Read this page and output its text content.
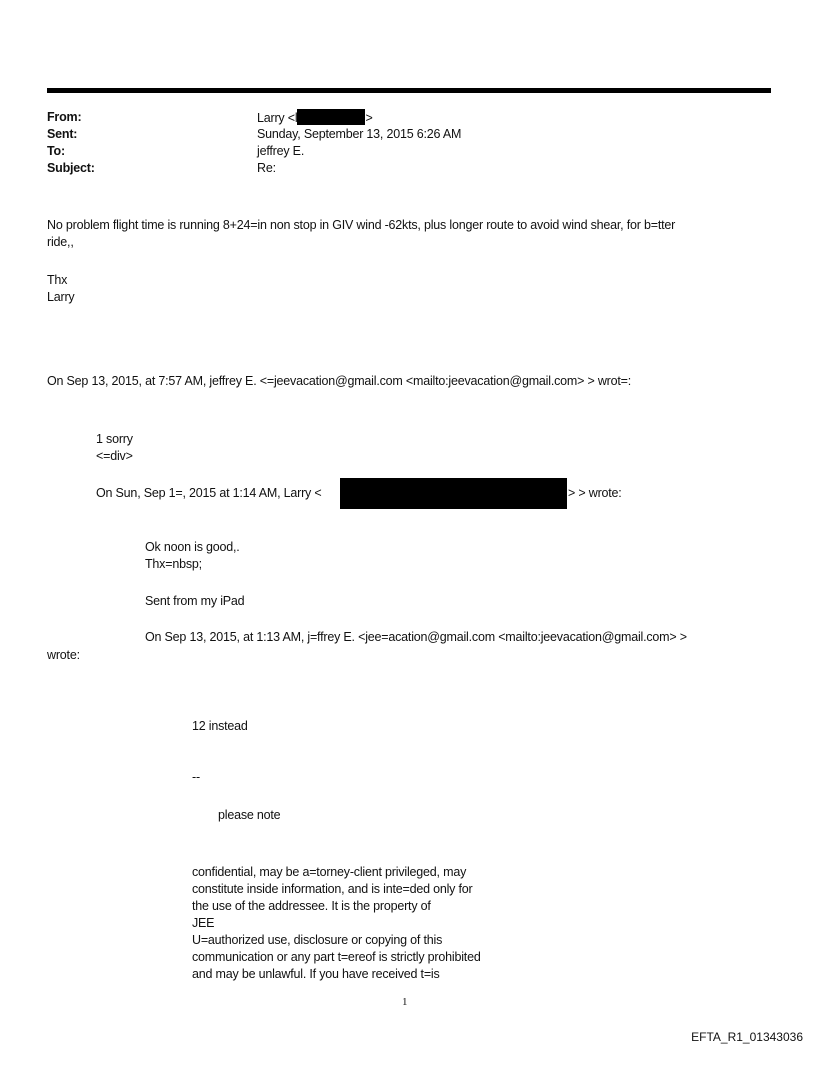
From:	Larry <l	>
Sent:	Sunday, September 13, 2015 6:26 AM
To:	jeffrey E.
Subject:	Re:
No problem flight time is running 8+24=in non stop in GIV wind -62kts, plus longer route to avoid wind shear, for b=tter
ride,,
Thx
Larry
On Sep 13, 2015, at 7:57 AM, jeffrey E. <=jeevacation@gmail.com <mailto:jeevacation@gmail.com> > wrot=:
1 sorry
<=div>
On Sun, Sep 1=, 2015 at 1:14 AM, Larry <	> > wrote:
Ok noon is good,.
Thx=nbsp;
Sent from my iPad
On Sep 13, 2015, at 1:13 AM, j=ffrey E. <jee=acation@gmail.com <mailto:jeevacation@gmail.com> >
wrote:
12 instead
--
please note
confidential, may be a=torney-client privileged, may
constitute inside information, and is inte=ded only for
the use of the addressee. It is the property of
JEE
U=authorized use, disclosure or copying of this
communication or any part t=ereof is strictly prohibited
and may be unlawful. If you have received t=is
1
EFTA_R1_01343036
